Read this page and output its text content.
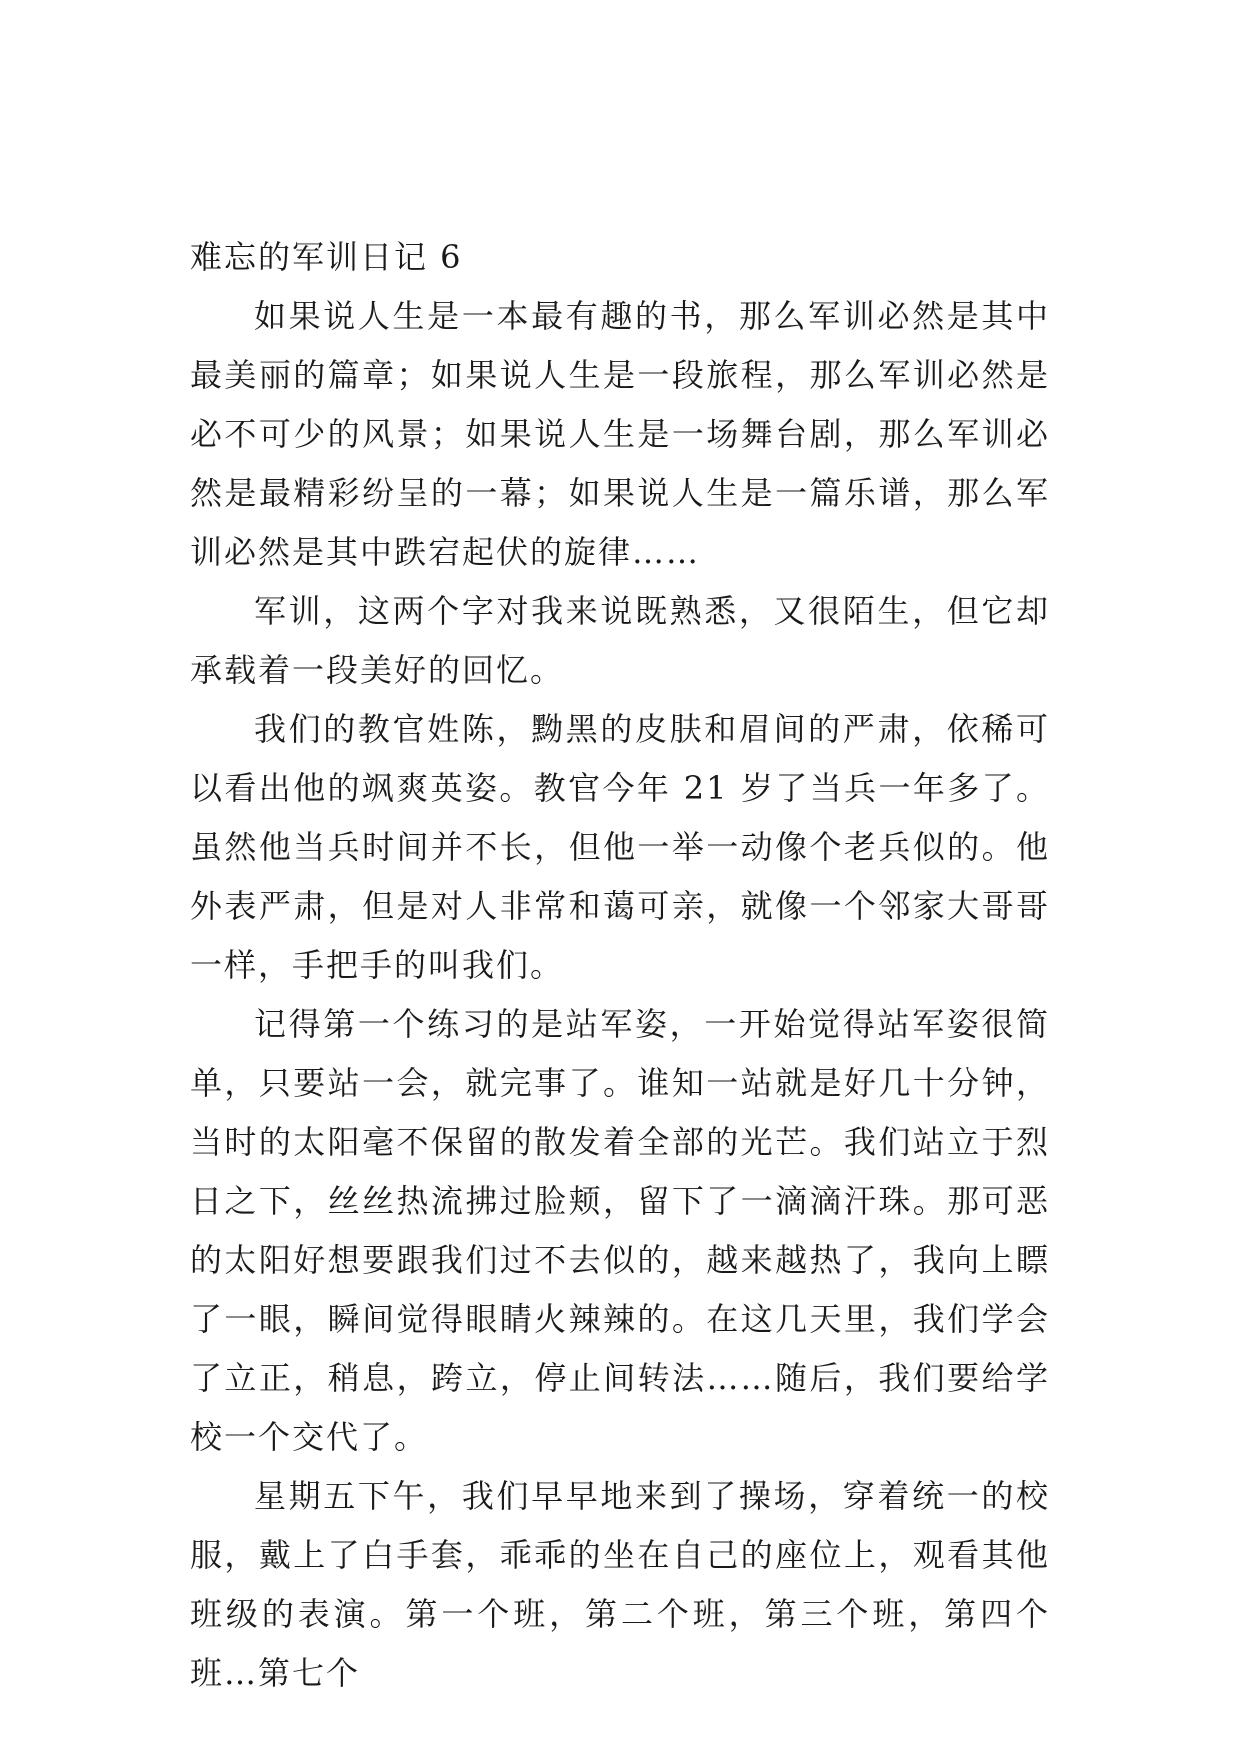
难忘的军训日记 6

如果说人生是一本最有趣的书，那么军训必然是其中最美丽的篇章；如果说人生是一段旅程，那么军训必然是必不可少的风景；如果说人生是一场舞台剧，那么军训必然是最精彩纷呈的一幕；如果说人生是一篇乐谱，那么军训必然是其中跌宕起伏的旋律……

军训，这两个字对我来说既熟悉，又很陌生，但它却承载着一段美好的回忆。

我们的教官姓陈，黝黑的皮肤和眉间的严肃，依稀可以看出他的飒爽英姿。教官今年 21 岁了当兵一年多了。虽然他当兵时间并不长，但他一举一动像个老兵似的。他外表严肃，但是对人非常和蔼可亲，就像一个邻家大哥哥一样，手把手的叫我们。

记得第一个练习的是站军姿，一开始觉得站军姿很简单，只要站一会，就完事了。谁知一站就是好几十分钟，当时的太阳毫不保留的散发着全部的光芒。我们站立于烈日之下，丝丝热流拂过脸颊，留下了一滴滴汗珠。那可恶的太阳好想要跟我们过不去似的，越来越热了，我向上瞟了一眼，瞬间觉得眼睛火辣辣的。在这几天里，我们学会了立正，稍息，跨立，停止间转法……随后，我们要给学校一个交代了。

星期五下午，我们早早地来到了操场，穿着统一的校服，戴上了白手套，乖乖的坐在自己的座位上，观看其他班级的表演。第一个班，第二个班，第三个班，第四个班…第七个
